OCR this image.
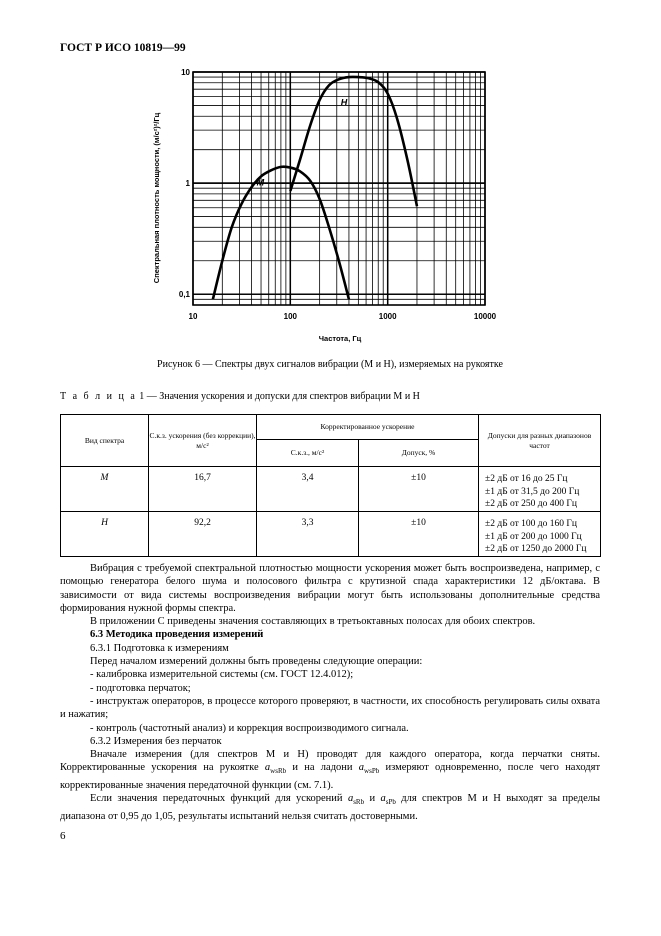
ГОСТ Р ИСО 10819—99
10	100	1000	10000
0,1
1
10
M
H
Спектральная плотность мощности, (м/с²)²/Гц
Частота, Гц
Рисунок 6 — Спектры двух сигналов вибрации (M и H), измеряемых на рукоятке
Т а б л и ц а 1 — Значения ускорения и допуски для спектров вибрации M и H
Вид спектра	С.к.з. ускорения (без коррекции), м/с²	Корректированное ускорение		Допуски для разных диапазонов частот
		С.к.з., м/с²	Допуск, %	
M	16,7	3,4	±10	±2 дБ от 16 до 25 Гц
±1 дБ от 31,5 до 200 Гц
±2 дБ от 250 до 400 Гц

H	92,2	3,3	±10	±2 дБ от 100 до 160 Гц
±1 дБ от 200 до 1000 Гц
±2 дБ от 1250 до 2000 Гц

Вибрация с требуемой спектральной плотностью мощности ускорения может быть воспроизведена, например, с помощью генератора белого шума и полосового фильтра с крутизной спада характеристики 12 дБ/октава. В зависимости от вида системы воспроизведения вибрации могут быть использованы дополнительные средства формирования нужной формы спектра.

В приложении С приведены значения составляющих в третьоктавных полосах для обоих спектров.

6.3 Методика проведения измерений

6.3.1 Подготовка к измерениям

Перед началом измерений должны быть проведены следующие операции:

- калибровка измерительной системы (см. ГОСТ 12.4.012);

- подготовка перчаток;

- инструктаж операторов, в процессе которого проверяют, в частности, их способность регулировать силы охвата и нажатия;

- контроль (частотный анализ) и коррекция воспроизводимого сигнала.

6.3.2 Измерения без перчаток

Вначале измерения (для спектров M и H) проводят для каждого оператора, когда перчатки сняты. Корректированные ускорения на рукоятке $a_{wsRb}$ и на ладони $a_{wsPb}$ измеряют одновременно, после чего находят корректированные значения передаточной функции (см. 7.1).

Если значения передаточных функций для ускорений $a_{sRb}$ и $a_{sPb}$ для спектров M и H выходят за пределы диапазона от 0,95 до 1,05, результаты испытаний нельзя считать достоверными.

6
